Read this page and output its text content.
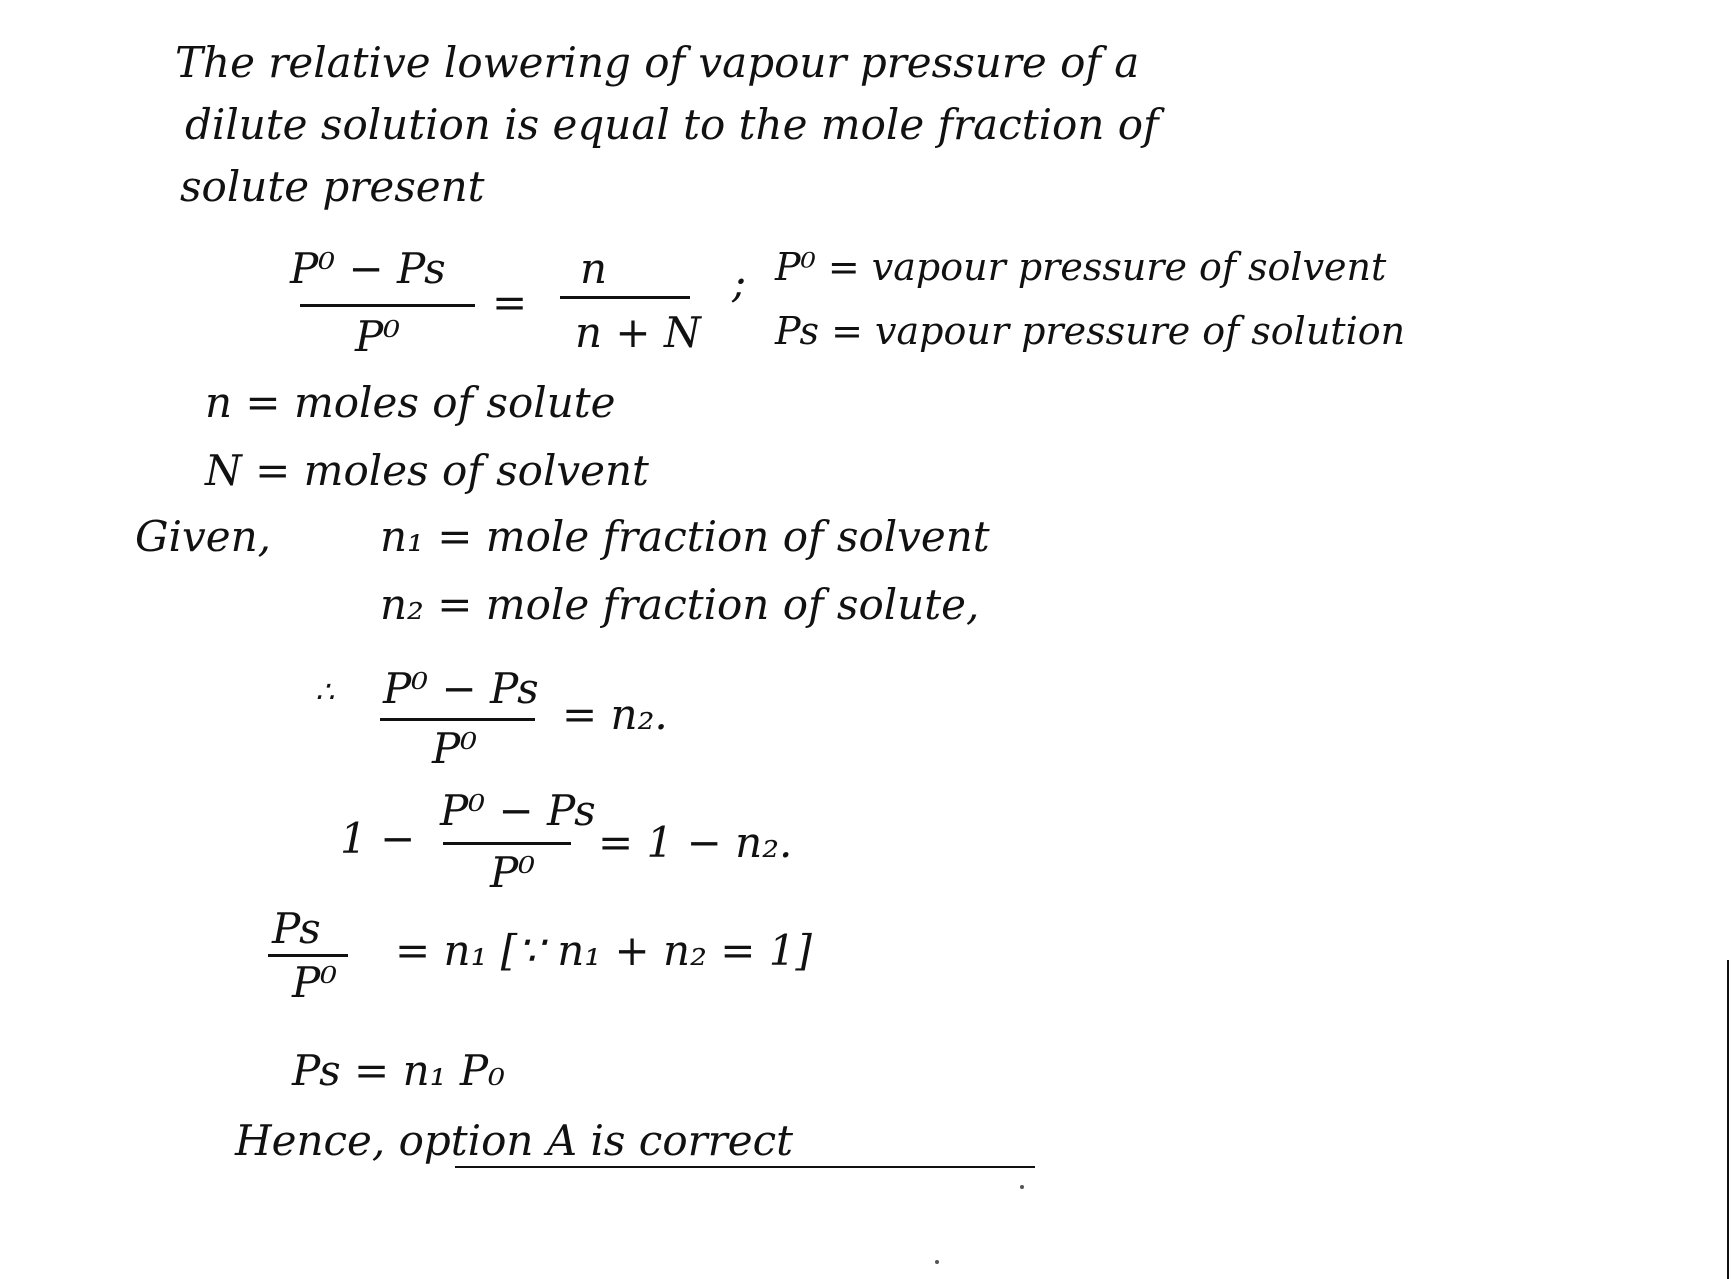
The relative lowering of vapour pressure of a
dilute solution is equal to the mole fraction of
solute present
P⁰ − Ps
P⁰
=
n
n + N
; P⁰ = vapour pressure of solvent
Ps = vapour pressure of solution
n = moles of solute
N = moles of solvent
Given,	n₁ = mole fraction of solvent
n₂ = mole fraction of solute,
∴ P⁰ − Ps
P⁰
= n₂.
1 −
P⁰ − Ps
P⁰
= 1 − n₂.
Ps
P⁰
= n₁ [∵ n₁ + n₂ = 1]
Ps = n₁ P₀
Hence, option A is correct
